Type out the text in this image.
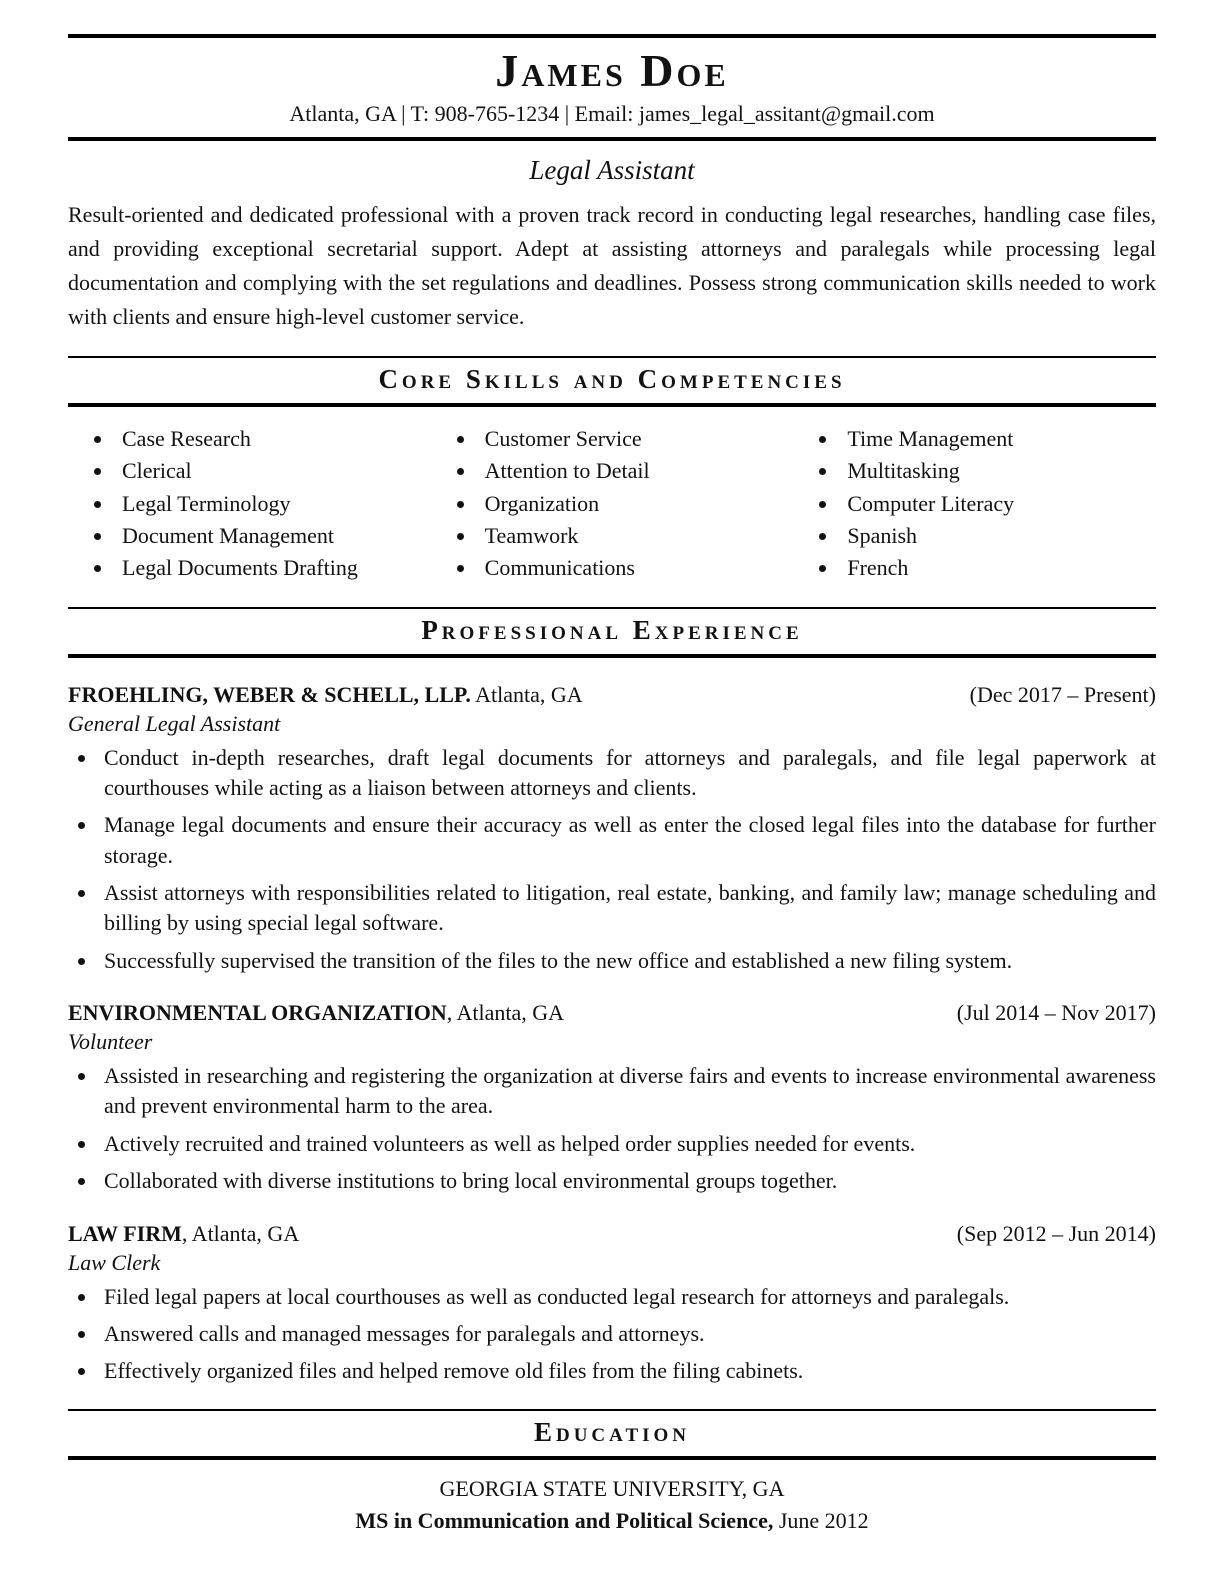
James Doe
Atlanta, GA | T: 908-765-1234 | Email: james_legal_assitant@gmail.com
Legal Assistant

Result-oriented and dedicated professional with a proven track record in conducting legal researches, handling case files, and providing exceptional secretarial support. Adept at assisting attorneys and paralegals while processing legal documentation and complying with the set regulations and deadlines. Possess strong communication skills needed to work with clients and ensure high-level customer service.

Core Skills and Competencies
• Case Research
• Clerical
• Legal Terminology
• Document Management
• Legal Documents Drafting
• Customer Service
• Attention to Detail
• Organization
• Teamwork
• Communications
• Time Management
• Multitasking
• Computer Literacy
• Spanish
• French
Professional Experience
FROEHLING, WEBER & SCHELL, LLP. Atlanta, GA	(Dec 2017 – Present)
General Legal Assistant
• Conduct in-depth researches, draft legal documents for attorneys and paralegals, and file legal paperwork at courthouses while acting as a liaison between attorneys and clients.
• Manage legal documents and ensure their accuracy as well as enter the closed legal files into the database for further storage.
• Assist attorneys with responsibilities related to litigation, real estate, banking, and family law; manage scheduling and billing by using special legal software.
• Successfully supervised the transition of the files to the new office and established a new filing system.
ENVIRONMENTAL ORGANIZATION, Atlanta, GA	(Jul 2014 – Nov 2017)
Volunteer
• Assisted in researching and registering the organization at diverse fairs and events to increase environmental awareness and prevent environmental harm to the area.
• Actively recruited and trained volunteers as well as helped order supplies needed for events.
• Collaborated with diverse institutions to bring local environmental groups together.
LAW FIRM, Atlanta, GA	(Sep 2012 – Jun 2014)
Law Clerk
• Filed legal papers at local courthouses as well as conducted legal research for attorneys and paralegals.
• Answered calls and managed messages for paralegals and attorneys.
• Effectively organized files and helped remove old files from the filing cabinets.
Education
GEORGIA STATE UNIVERSITY, GA
MS in Communication and Political Science, June 2012
